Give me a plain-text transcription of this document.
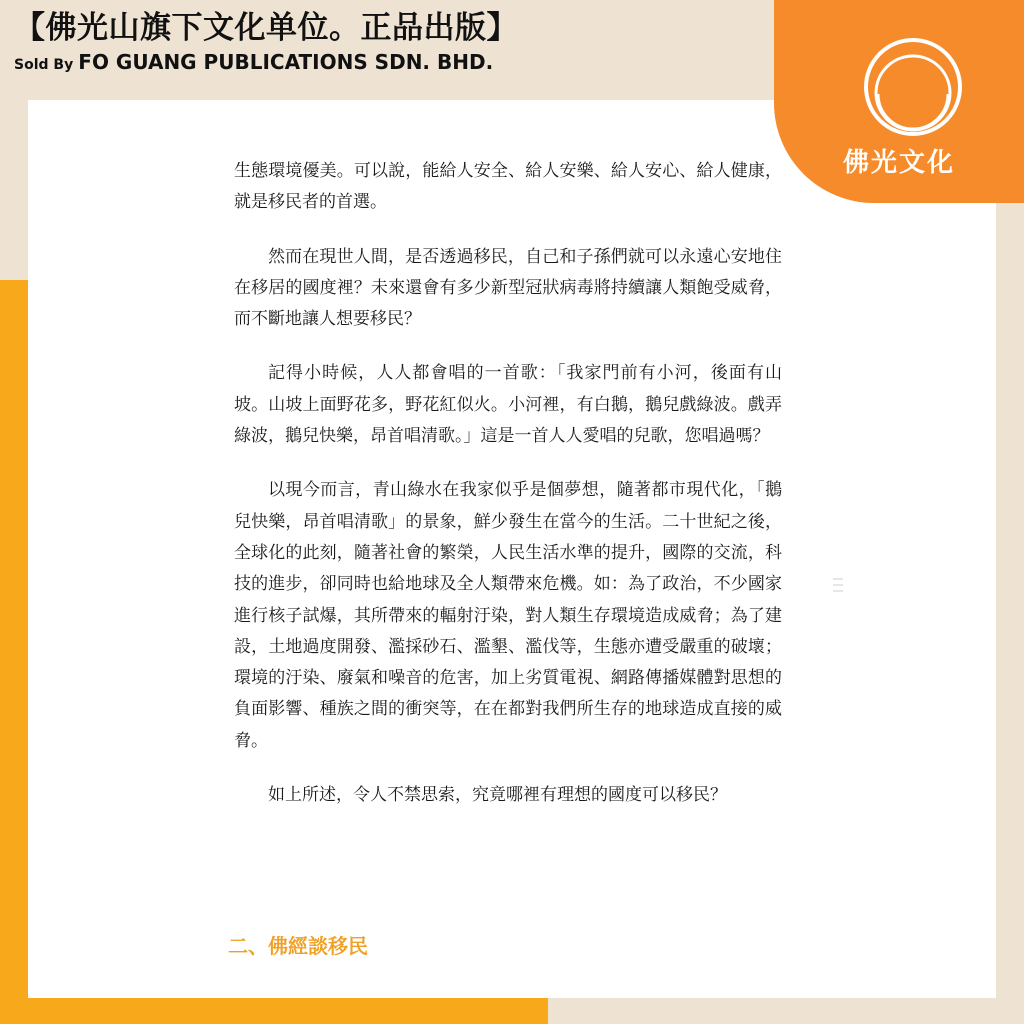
【佛光山旗下文化单位。正品出版】
Sold By FO GUANG PUBLICATIONS SDN. BHD.
佛光文化

生態環境優美。可以說，能給人安全、給人安樂、給人安心、給人健康，就是移民者的首選。

然而在現世人間，是否透過移民，自己和子孫們就可以永遠心安地住在移居的國度裡？未來還會有多少新型冠狀病毒將持續讓人類飽受威脅，而不斷地讓人想要移民？

記得小時候，人人都會唱的一首歌：「我家門前有小河，後面有山坡。山坡上面野花多，野花紅似火。小河裡，有白鵝，鵝兒戲綠波。戲弄綠波，鵝兒快樂，昂首唱清歌。」這是一首人人愛唱的兒歌，您唱過嗎？

以現今而言，青山綠水在我家似乎是個夢想，隨著都市現代化，「鵝兒快樂，昂首唱清歌」的景象，鮮少發生在當今的生活。二十世紀之後，全球化的此刻，隨著社會的繁榮，人民生活水準的提升，國際的交流，科技的進步，卻同時也給地球及全人類帶來危機。如：為了政治，不少國家進行核子試爆，其所帶來的輻射汙染，對人類生存環境造成威脅；為了建設，土地過度開發、濫採砂石、濫墾、濫伐等，生態亦遭受嚴重的破壞；環境的汙染、廢氣和噪音的危害，加上劣質電視、網路傳播媒體對思想的負面影響、種族之間的衝突等，在在都對我們所生存的地球造成直接的威脅。

如上所述，令人不禁思索，究竟哪裡有理想的國度可以移民？

二、佛經談移民
